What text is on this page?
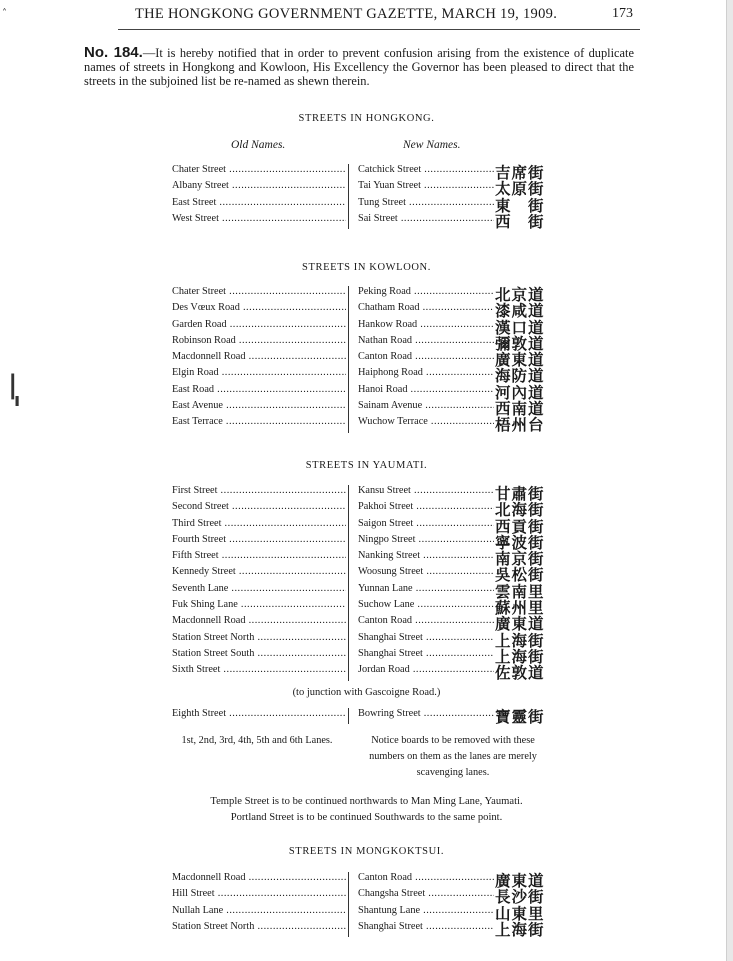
THE HONGKONG GOVERNMENT GAZETTE, MARCH 19, 1909.	173
No. 184.—It is hereby notified that in order to prevent confusion arising from the existence of duplicate names of streets in Hongkong and Kowloon, His Excellency the Governor has been pleased to direct that the streets in the subjoined list be re-named as shewn therein.
STREETS IN HONGKONG.
Old Names.	New Names.
Chater Street .....	Catchick Street .....	吉席街
Albany Street .....	Tai Yuan Street .....	太原街
East Street .....	Tung Street .....	東　街
West Street .....	Sai Street .....	西　街
STREETS IN KOWLOON.
Chater Street .....	Peking Road .....	北京道
Des Vœux Road .....	Chatham Road .....	漆咸道
Garden Road .....	Hankow Road .....	漢口道
Robinson Road .....	Nathan Road .....	彌敦道
Macdonnell Road .....	Canton Road .....	廣東道
Elgin Road .....	Haiphong Road .....	海防道
East Road .....	Hanoi Road .....	河內道
East Avenue .....	Sainam Avenue .....	西南道
East Terrace .....	Wuchow Terrace .....	梧州台
STREETS IN YAUMATI.
First Street .....	Kansu Street .....	甘肅街
Second Street .....	Pakhoi Street .....	北海街
Third Street .....	Saigon Street .....	西貢街
Fourth Street .....	Ningpo Street .....	寧波街
Fifth Street .....	Nanking Street .....	南京街
Kennedy Street .....	Woosung Street .....	吳松街
Seventh Lane .....	Yunnan Lane .....	雲南里
Fuk Shing Lane .....	Suchow Lane .....	蘇州里
Macdonnell Road .....	Canton Road .....	廣東道
Station Street North .....	Shanghai Street .....	上海街
Station Street South .....	Shanghai Street .....	上海街
Sixth Street .....	Jordan Road .....	佐敦道
(to junction with Gascoigne Road.)
Eighth Street .....	Bowring Street .....	寶靈街
1st, 2nd, 3rd, 4th, 5th and 6th Lanes.	Notice boards to be removed with these numbers on them as the lanes are merely scavenging lanes.
Temple Street is to be continued northwards to Man Ming Lane, Yaumati.
Portland Street is to be continued Southwards to the same point.
STREETS IN MONGKOKTSUI.
Macdonnell Road .....	Canton Road .....	廣東道
Hill Street .....	Changsha Street .....	長沙街
Nullah Lane .....	Shantung Lane .....	山東里
Station Street North .....	Shanghai Street .....	上海街
˄
|
ı
